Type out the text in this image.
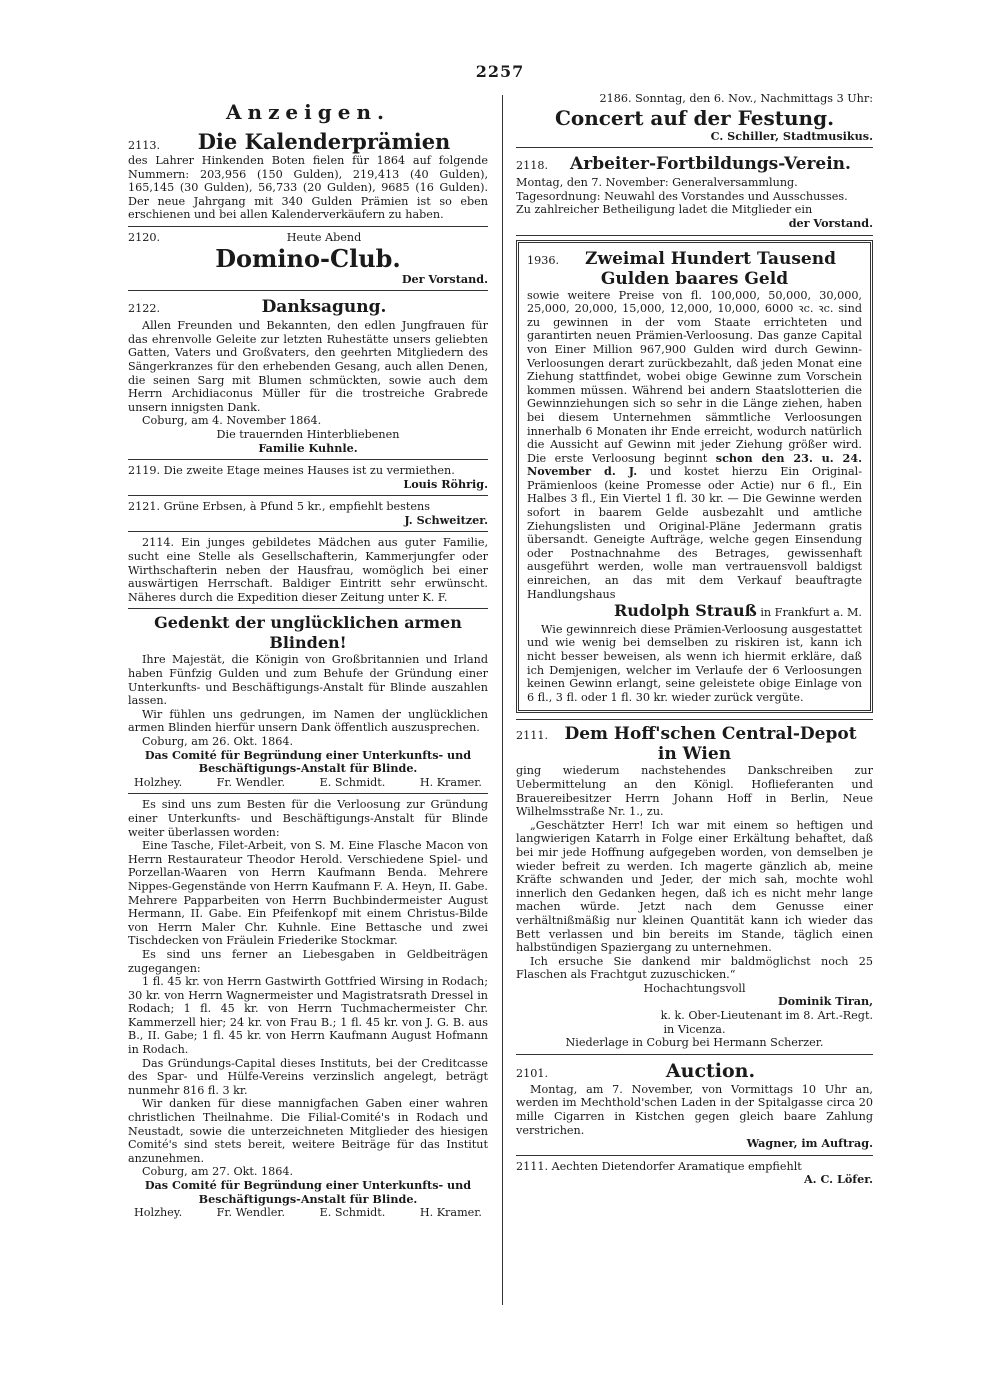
2257
Anzeigen.
2113.	Die Kalenderprämien

des Lahrer Hinkenden Boten fielen für 1864 auf folgende Nummern: 203,956 (150 Gulden), 219,413 (40 Gulden), 165,145 (30 Gulden), 56,733 (20 Gulden), 9685 (16 Gulden). Der neue Jahrgang mit 340 Gulden Prämien ist so eben erschienen und bei allen Kalenderverkäufern zu haben.

2120.	Heute Abend
Domino-Club.
Der Vorstand.
2122.	Danksagung.

Allen Freunden und Bekannten, den edlen Jungfrauen für das ehrenvolle Geleite zur letzten Ruhestätte unsers geliebten Gatten, Vaters und Großvaters, den geehrten Mitgliedern des Sängerkranzes für den erhebenden Gesang, auch allen Denen, die seinen Sarg mit Blumen schmückten, sowie auch dem Herrn Archidiaconus Müller für die trostreiche Grabrede unsern innigsten Dank.

Coburg, am 4. November 1864.

Die trauernden Hinterbliebenen
Familie Kuhnle.

2119. Die zweite Etage meines Hauses ist zu vermiethen.

Louis Röhrig.

2121. Grüne Erbsen, à Pfund 5 kr., empfiehlt bestens

J. Schweitzer.

2114. Ein junges gebildetes Mädchen aus guter Familie, sucht eine Stelle als Gesellschafterin, Kammerjungfer oder Wirthschafterin neben der Hausfrau, womöglich bei einer auswärtigen Herrschaft. Baldiger Eintritt sehr erwünscht. Näheres durch die Expedition dieser Zeitung unter K. F.

Gedenkt der unglücklichen armen Blinden!

Ihre Majestät, die Königin von Großbritannien und Irland haben Fünfzig Gulden und zum Behufe der Gründung einer Unterkunfts- und Beschäftigungs-Anstalt für Blinde auszahlen lassen.

Wir fühlen uns gedrungen, im Namen der unglücklichen armen Blinden hierfür unsern Dank öffentlich auszusprechen.

Coburg, am 26. Okt. 1864.

Das Comité für Begründung einer Unterkunfts- und Beschäftigungs-Anstalt für Blinde.
Holzhey.	Fr. Wendler.	E. Schmidt.	H. Kramer.

Es sind uns zum Besten für die Verloosung zur Gründung einer Unterkunfts- und Beschäftigungs-Anstalt für Blinde weiter überlassen worden:

Eine Tasche, Filet-Arbeit, von S. M. Eine Flasche Macon von Herrn Restaurateur Theodor Herold. Verschiedene Spiel- und Porzellan-Waaren von Herrn Kaufmann Benda. Mehrere Nippes-Gegenstände von Herrn Kaufmann F. A. Heyn, II. Gabe. Mehrere Papparbeiten von Herrn Buchbindermeister August Hermann, II. Gabe. Ein Pfeifenkopf mit einem Christus-Bilde von Herrn Maler Chr. Kuhnle. Eine Bettasche und zwei Tischdecken von Fräulein Friederike Stockmar.

Es sind uns ferner an Liebesgaben in Geldbeiträgen zugegangen:

1 fl. 45 kr. von Herrn Gastwirth Gottfried Wirsing in Rodach; 30 kr. von Herrn Wagnermeister und Magistratsrath Dressel in Rodach; 1 fl. 45 kr. von Herrn Tuchmachermeister Chr. Kammerzell hier; 24 kr. von Frau B.; 1 fl. 45 kr. von J. G. B. aus B., II. Gabe; 1 fl. 45 kr. von Herrn Kaufmann August Hofmann in Rodach.

Das Gründungs-Capital dieses Instituts, bei der Creditcasse des Spar- und Hülfe-Vereins verzinslich angelegt, beträgt nunmehr 816 fl. 3 kr.

Wir danken für diese mannigfachen Gaben einer wahren christlichen Theilnahme. Die Filial-Comité's in Rodach und Neustadt, sowie die unterzeichneten Mitglieder des hiesigen Comité's sind stets bereit, weitere Beiträge für das Institut anzunehmen.

Coburg, am 27. Okt. 1864.

Das Comité für Begründung einer Unterkunfts- und Beschäftigungs-Anstalt für Blinde.
Holzhey.	Fr. Wendler.	E. Schmidt.	H. Kramer.
2186. Sonntag, den 6. Nov., Nachmittags 3 Uhr:
Concert auf der Festung.
C. Schiller, Stadtmusikus.
2118.	Arbeiter-Fortbildungs-Verein.

Montag, den 7. November: Generalversammlung.

Tagesordnung: Neuwahl des Vorstandes und Ausschusses.

Zu zahlreicher Betheiligung ladet die Mitglieder ein

der Vorstand.
1936.	Zweimal Hundert Tausend
Gulden baares Geld

sowie weitere Preise von fl. 100,000, 50,000, 30,000, 25,000, 20,000, 15,000, 12,000, 10,000, 6000 ꝛc. ꝛc. sind zu gewinnen in der vom Staate errichteten und garantirten neuen Prämien-Verloosung. Das ganze Capital von Einer Million 967,900 Gulden wird durch Gewinn-Verloosungen derart zurückbezahlt, daß jeden Monat eine Ziehung stattfindet, wobei obige Gewinne zum Vorschein kommen müssen. Während bei andern Staatslotterien die Gewinnziehungen sich so sehr in die Länge ziehen, haben bei diesem Unternehmen sämmtliche Verloosungen innerhalb 6 Monaten ihr Ende erreicht, wodurch natürlich die Aussicht auf Gewinn mit jeder Ziehung größer wird. Die erste Verloosung beginnt schon den 23. u. 24. November d. J. und kostet hierzu Ein Original-Prämienloos (keine Promesse oder Actie) nur 6 fl., Ein Halbes 3 fl., Ein Viertel 1 fl. 30 kr. — Die Gewinne werden sofort in baarem Gelde ausbezahlt und amtliche Ziehungslisten und Original-Pläne Jedermann gratis übersandt. Geneigte Aufträge, welche gegen Einsendung oder Postnachnahme des Betrages, gewissenhaft ausgeführt werden, wolle man vertrauensvoll baldigst einreichen, an das mit dem Verkauf beauftragte Handlungshaus

Rudolph Strauß in Frankfurt a. M.

Wie gewinnreich diese Prämien-Verloosung ausgestattet und wie wenig bei demselben zu riskiren ist, kann ich nicht besser beweisen, als wenn ich hiermit erkläre, daß ich Demjenigen, welcher im Verlaufe der 6 Verloosungen keinen Gewinn erlangt, seine geleistete obige Einlage von 6 fl., 3 fl. oder 1 fl. 30 kr. wieder zurück vergüte.

2111. Dem Hoff'schen Central-Depot
in Wien

ging wiederum nachstehendes Dankschreiben zur Uebermittelung an den Königl. Hoflieferanten und Brauereibesitzer Herrn Johann Hoff in Berlin, Neue Wilhelmsstraße Nr. 1., zu.

„Geschätzter Herr! Ich war mit einem so heftigen und langwierigen Katarrh in Folge einer Erkältung behaftet, daß bei mir jede Hoffnung aufgegeben worden, von demselben je wieder befreit zu werden. Ich magerte gänzlich ab, meine Kräfte schwanden und Jeder, der mich sah, mochte wohl innerlich den Gedanken hegen, daß ich es nicht mehr lange machen würde. Jetzt nach dem Genusse einer verhältnißmäßig nur kleinen Quantität kann ich wieder das Bett verlassen und bin bereits im Stande, täglich einen halbstündigen Spaziergang zu unternehmen.

Ich ersuche Sie dankend mir baldmöglichst noch 25 Flaschen als Frachtgut zuzuschicken.“

Hochachtungsvoll
Dominik Tiran,
k. k. Ober-Lieutenant im 8. Art.-Regt.
in Vicenza.
Niederlage in Coburg bei Hermann Scherzer.
2101.	Auction.

Montag, am 7. November, von Vormittags 10 Uhr an, werden im Mechthold'schen Laden in der Spitalgasse circa 20 mille Cigarren in Kistchen gegen gleich baare Zahlung verstrichen.

Wagner, im Auftrag.

2111. Aechten Dietendorfer Aramatique empfiehlt

A. C. Löfer.
